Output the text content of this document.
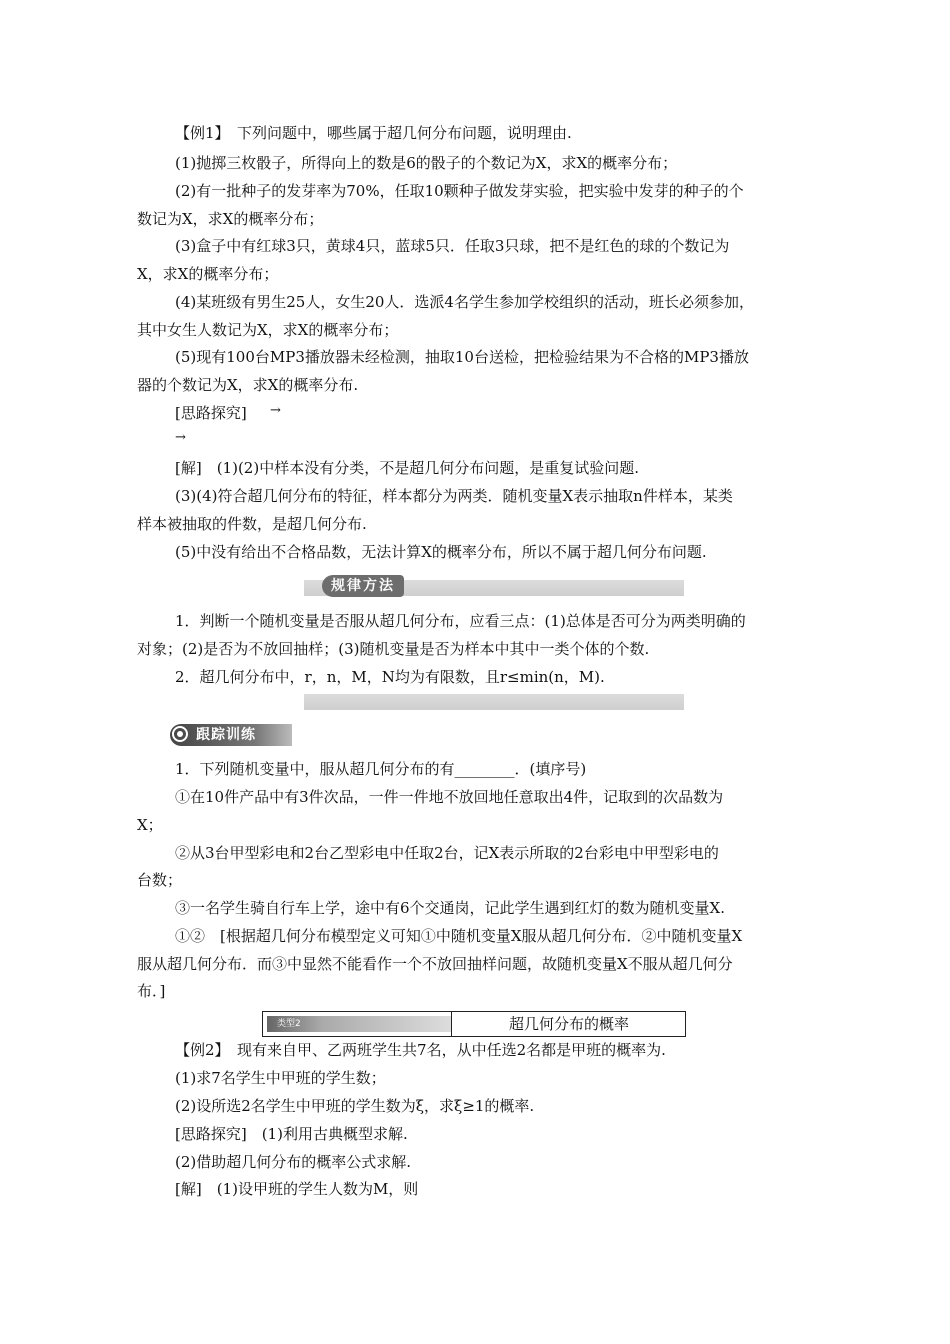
【例1】　下列问题中，哪些属于超几何分布问题，说明理由.
(1)抛掷三枚骰子，所得向上的数是6的骰子的个数记为X，求X的概率分布；
(2)有一批种子的发芽率为70%，任取10颗种子做发芽实验，把实验中发芽的种子的个
数记为X，求X的概率分布；
(3)盒子中有红球3只，黄球4只，蓝球5只．任取3只球，把不是红色的球的个数记为
X，求X的概率分布；
(4)某班级有男生25人，女生20人．选派4名学生参加学校组织的活动，班长必须参加，
其中女生人数记为X，求X的概率分布；
(5)现有100台MP3播放器未经检测，抽取10台送检，把检验结果为不合格的MP3播放
器的个数记为X，求X的概率分布.
[思路探究] →
→
[解]　(1)(2)中样本没有分类，不是超几何分布问题，是重复试验问题.
(3)(4)符合超几何分布的特征，样本都分为两类．随机变量X表示抽取n件样本，某类
样本被抽取的件数，是超几何分布.
(5)中没有给出不合格品数，无法计算X的概率分布，所以不属于超几何分布问题.
规律方法
1．判断一个随机变量是否服从超几何分布，应看三点：(1)总体是否可分为两类明确的
对象；(2)是否为不放回抽样；(3)随机变量是否为样本中其中一类个体的个数.
2．超几何分布中，r，n，M，N均为有限数，且r≤min(n，M).
跟踪训练
1．下列随机变量中，服从超几何分布的有________．(填序号)
①在10件产品中有3件次品，一件一件地不放回地任意取出4件，记取到的次品数为
X；
②从3台甲型彩电和2台乙型彩电中任取2台，记X表示所取的2台彩电中甲型彩电的
台数；
③一名学生骑自行车上学，途中有6个交通岗，记此学生遇到红灯的数为随机变量X.
①②　[根据超几何分布模型定义可知①中随机变量X服从超几何分布．②中随机变量X
服从超几何分布．而③中显然不能看作一个不放回抽样问题，故随机变量X不服从超几何分
布．]
类型2	超几何分布的概率
【例2】　现有来自甲、乙两班学生共7名，从中任选2名都是甲班的概率为.
(1)求7名学生中甲班的学生数；
(2)设所选2名学生中甲班的学生数为ξ，求ξ≥1的概率.
[思路探究]　(1)利用古典概型求解.
(2)借助超几何分布的概率公式求解.
[解]　(1)设甲班的学生人数为M，则
